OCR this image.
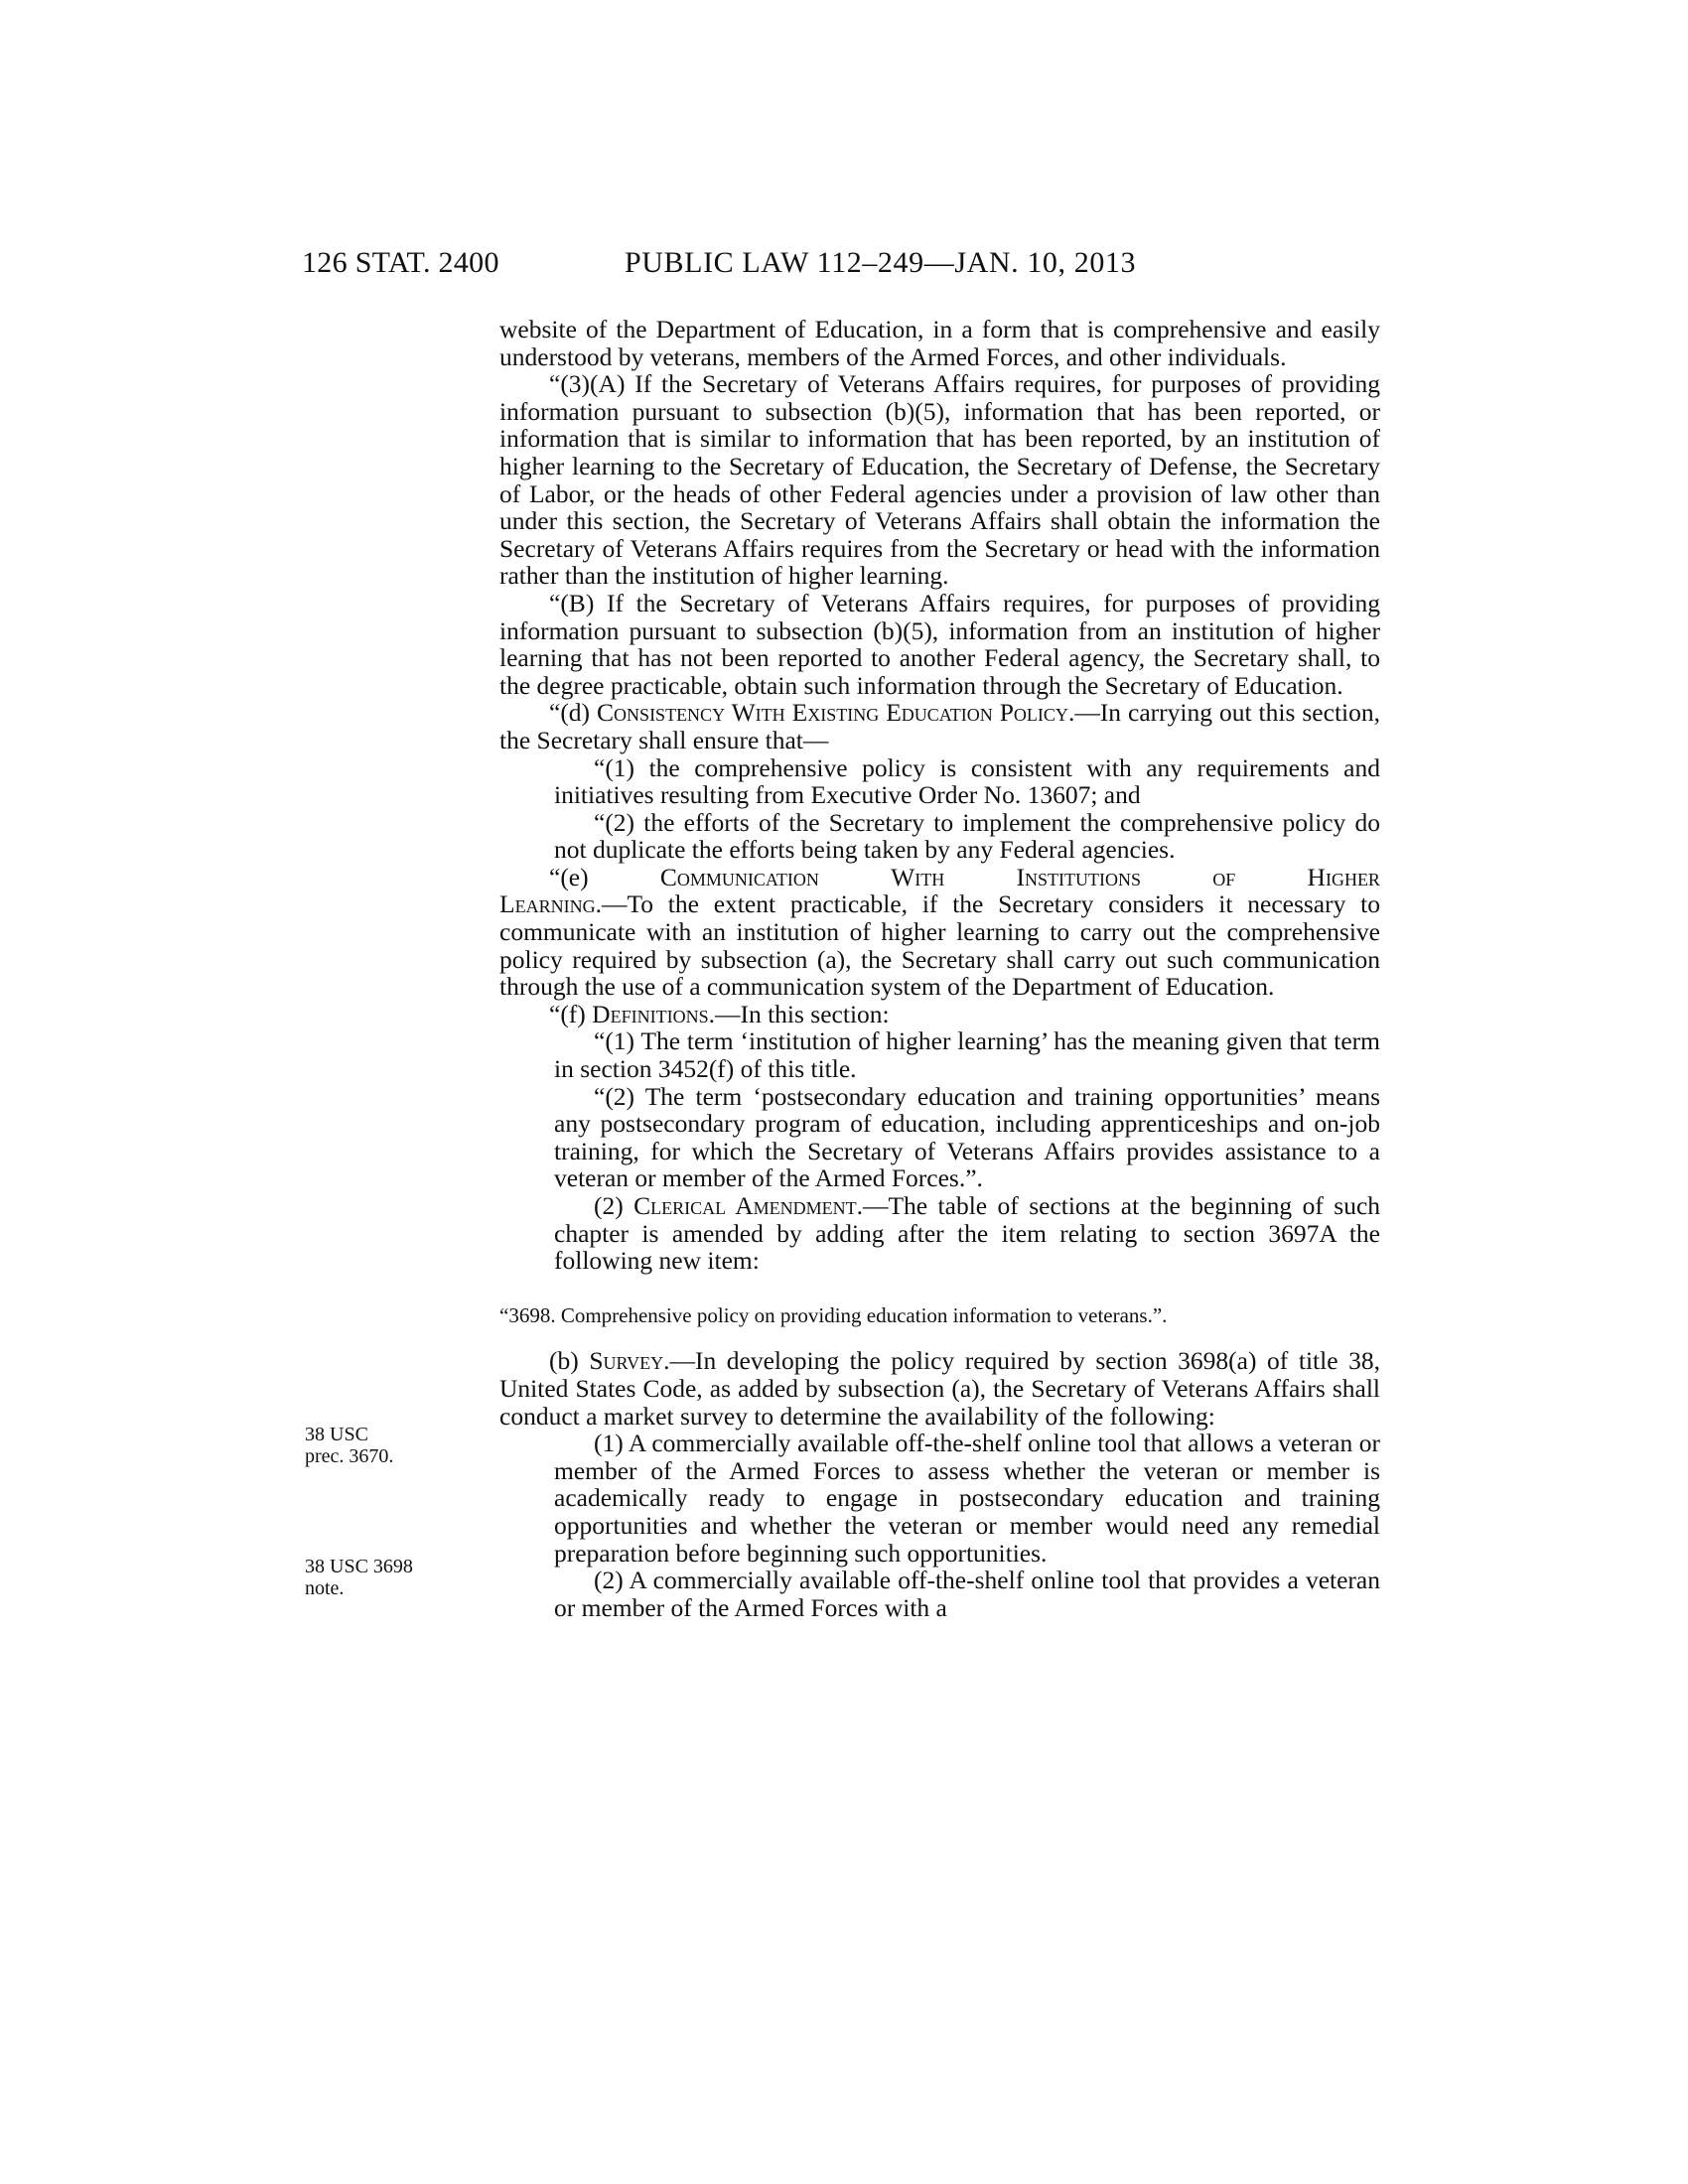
126 STAT. 2400	PUBLIC LAW 112–249—JAN. 10, 2013
38 USC
prec. 3670.
38 USC 3698
note.

website of the Department of Education, in a form that is comprehensive and easily understood by veterans, members of the Armed Forces, and other individuals.

“(3)(A) If the Secretary of Veterans Affairs requires, for purposes of providing information pursuant to subsection (b)(5), information that has been reported, or information that is similar to information that has been reported, by an institution of higher learning to the Secretary of Education, the Secretary of Defense, the Secretary of Labor, or the heads of other Federal agencies under a provision of law other than under this section, the Secretary of Veterans Affairs shall obtain the information the Secretary of Veterans Affairs requires from the Secretary or head with the information rather than the institution of higher learning.

“(B) If the Secretary of Veterans Affairs requires, for purposes of providing information pursuant to subsection (b)(5), information from an institution of higher learning that has not been reported to another Federal agency, the Secretary shall, to the degree practicable, obtain such information through the Secretary of Education.

“(d) Consistency With Existing Education Policy.—In carrying out this section, the Secretary shall ensure that—

“(1) the comprehensive policy is consistent with any requirements and initiatives resulting from Executive Order No. 13607; and

“(2) the efforts of the Secretary to implement the comprehensive policy do not duplicate the efforts being taken by any Federal agencies.

“(e)	Communication	With	Institutions	of	Higher

Learning.—To the extent practicable, if the Secretary considers it necessary to communicate with an institution of higher learning to carry out the comprehensive policy required by subsection (a), the Secretary shall carry out such communication through the use of a communication system of the Department of Education.

“(f) Definitions.—In this section:

“(1) The term ‘institution of higher learning’ has the meaning given that term in section 3452(f) of this title.

“(2) The term ‘postsecondary education and training opportunities’ means any postsecondary program of education, including apprenticeships and on-job training, for which the Secretary of Veterans Affairs provides assistance to a veteran or member of the Armed Forces.”.

(2) Clerical Amendment.—The table of sections at the beginning of such chapter is amended by adding after the item relating to section 3697A the following new item:

“3698. Comprehensive policy on providing education information to veterans.”.

(b) Survey.—In developing the policy required by section 3698(a) of title 38, United States Code, as added by subsection (a), the Secretary of Veterans Affairs shall conduct a market survey to determine the availability of the following:

(1) A commercially available off-the-shelf online tool that allows a veteran or member of the Armed Forces to assess whether the veteran or member is academically ready to engage in postsecondary education and training opportunities and whether the veteran or member would need any remedial preparation before beginning such opportunities.

(2) A commercially available off-the-shelf online tool that provides a veteran or member of the Armed Forces with a
